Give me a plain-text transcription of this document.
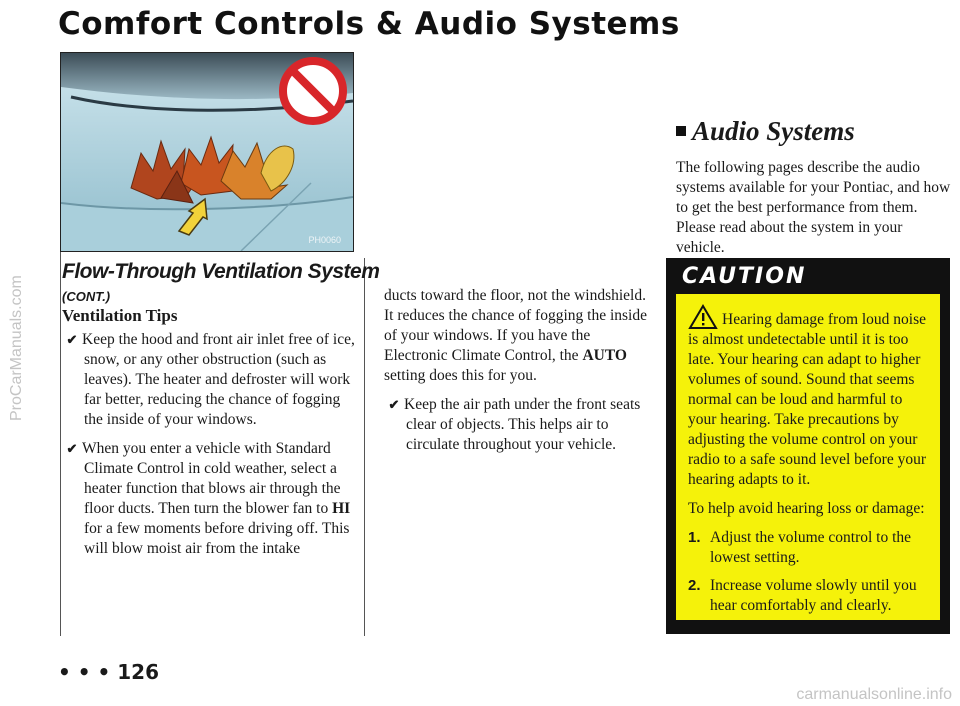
Comfort Controls & Audio Systems
ProCarManuals.com
carmanualsonline.info
PH0060
Flow-Through Ventilation System
(CONT.)
Ventilation Tips

✔ Keep the hood and front air inlet free of ice, snow, or any other obstruction (such as leaves). The heater and defroster will work far better, reducing the chance of fogging the inside of your windows.

✔ When you enter a vehicle with Standard Climate Control in cold weather, select a heater function that blows air through the floor ducts. Then turn the blower fan to HI for a few moments before driving off. This will blow moist air from the intake

ducts toward the floor, not the windshield. It reduces the chance of fogging the inside of your windows. If you have the Electronic Climate Control, the AUTO setting does this for you.

✔ Keep the air path under the front seats clear of objects. This helps air to circulate throughout your vehicle.

Audio Systems

The following pages describe the audio systems available for your Pontiac, and how to get the best performance from them. Please read about the system in your vehicle.

CAUTION

Hearing damage from loud noise is almost undetectable until it is too late. Your hearing can adapt to higher volumes of sound. Sound that seems normal can be loud and harmful to your hearing. Take precautions by adjusting the volume control on your radio to a safe sound level before your hearing adapts to it.

To help avoid hearing loss or damage:

1. Adjust the volume control to the lowest setting.
2. Increase volume slowly until you hear comfortably and clearly.
• • • 126
